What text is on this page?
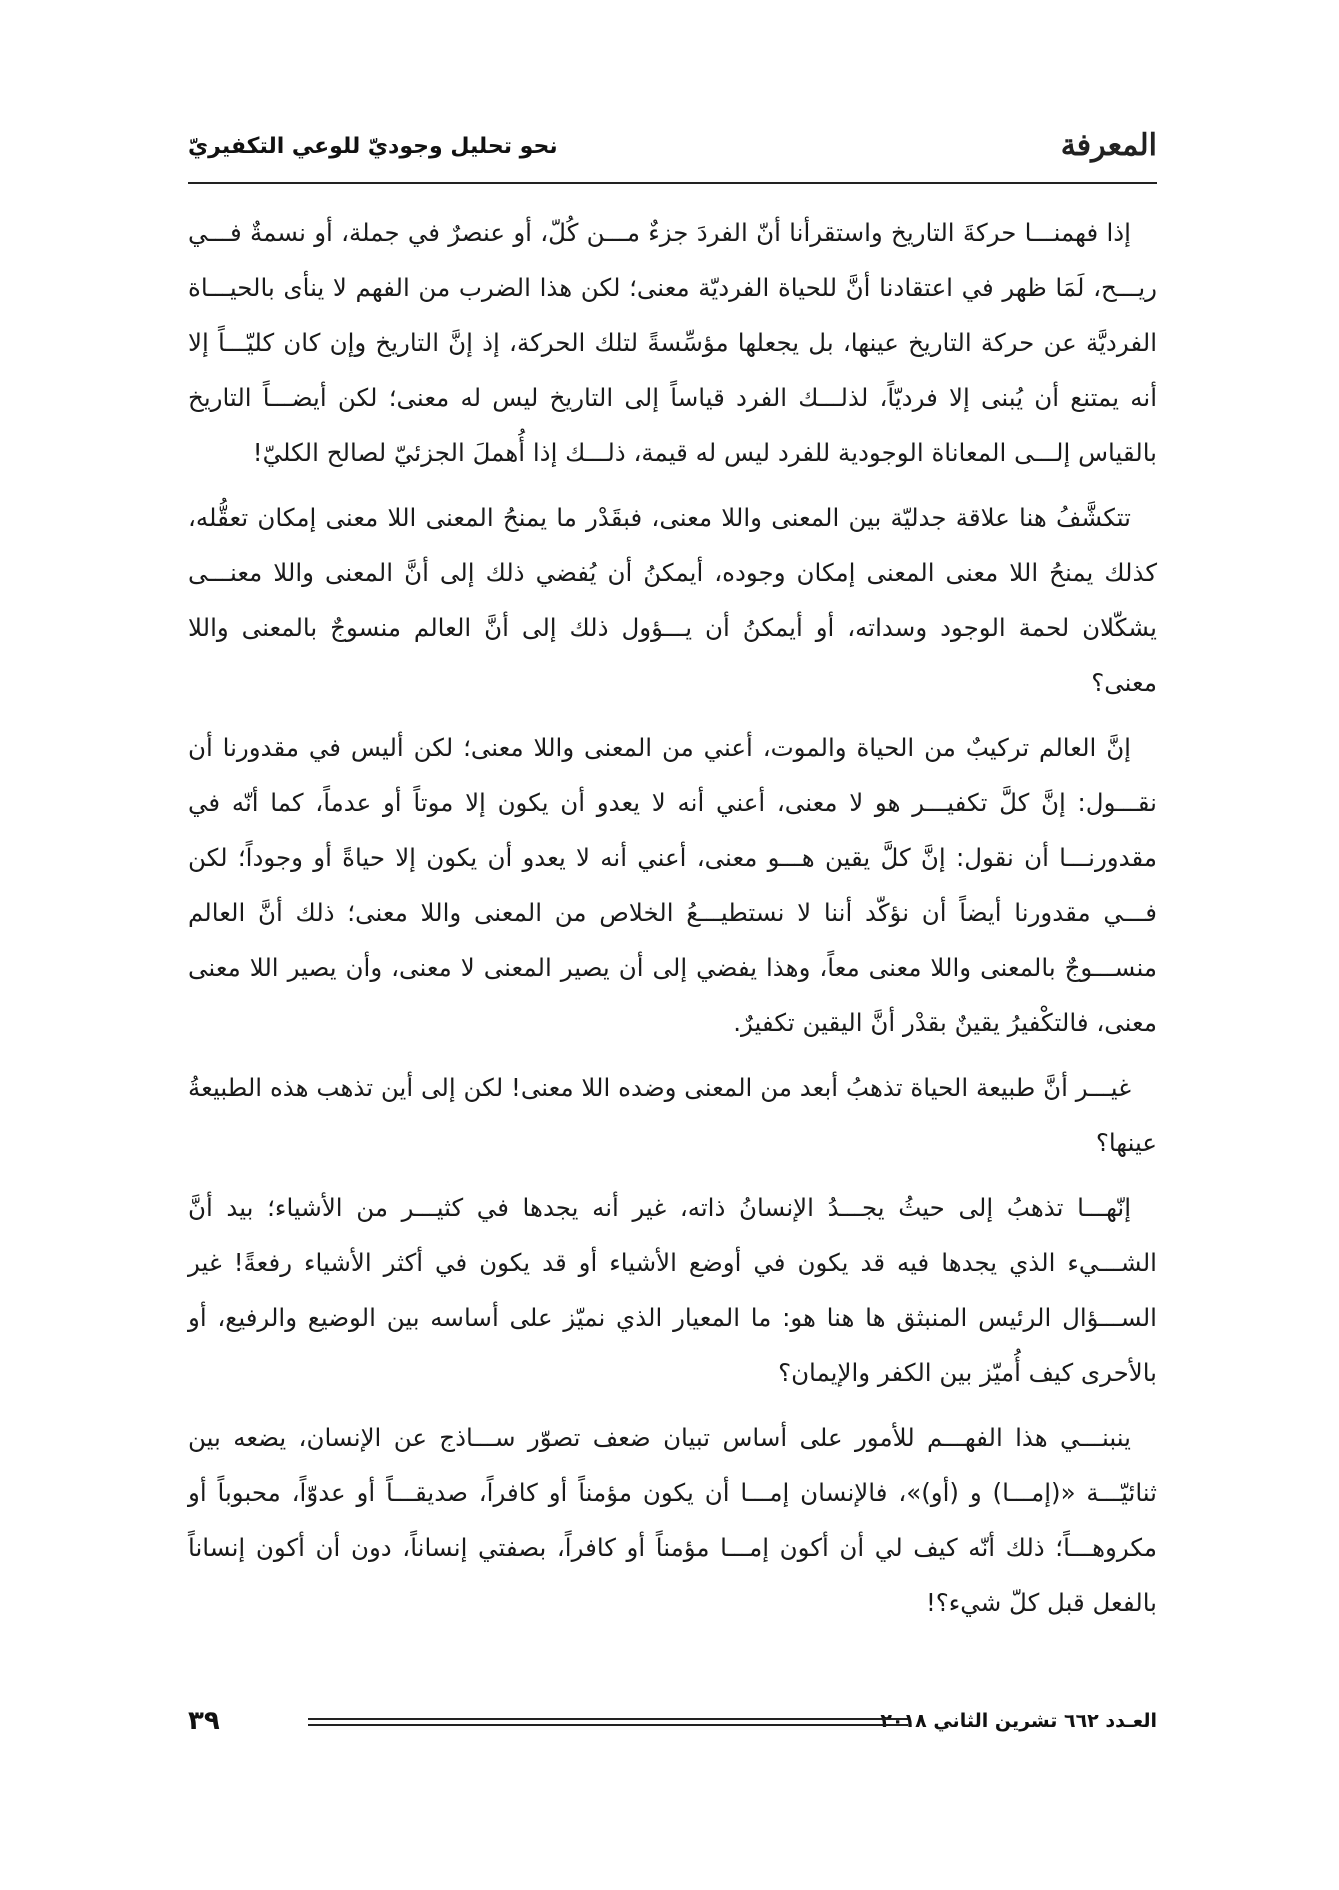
المعرفة
نحو تحليل وجوديّ للوعي التكفيريّ

إذا فهمنـــا حركةَ التاريخ واستقرأنا أنّ الفردَ جزءٌ مـــن كُلّ، أو عنصرٌ في جملة، أو نسمةٌ فـــي ريـــح، لَمَا ظهر في اعتقادنا أنَّ للحياة الفرديّة معنى؛ لكن هذا الضرب من الفهم لا ينأى بالحيـــاة الفرديَّة عن حركة التاريخ عينها، بل يجعلها مؤسِّسةً لتلك الحركة، إذ إنَّ التاريخ وإن كان كليّـــاً إلا أنه يمتنع أن يُبنى إلا فرديّاً، لذلـــك الفرد قياساً إلى التاريخ ليس له معنى؛ لكن أيضـــاً التاريخ بالقياس إلـــى المعاناة الوجودية للفرد ليس له قيمة، ذلـــك إذا أُهملَ الجزئيّ لصالح الكليّ!

تتكشَّفُ هنا علاقة جدليّة بين المعنى واللا معنى، فبقَدْر ما يمنحُ المعنى اللا معنى إمكان تعقُّله، كذلك يمنحُ اللا معنى المعنى إمكان وجوده، أيمكنُ أن يُفضي ذلك إلى أنَّ المعنى واللا معنـــى يشكّلان لحمة الوجود وسداته، أو أيمكنُ أن يـــؤول ذلك إلى أنَّ العالم منسوجٌ بالمعنى واللا معنى؟

إنَّ العالم تركيبٌ من الحياة والموت، أعني من المعنى واللا معنى؛ لكن أليس في مقدورنا أن نقـــول: إنَّ كلَّ تكفيـــر هو لا معنى، أعني أنه لا يعدو أن يكون إلا موتاً أو عدماً، كما أنّه في مقدورنـــا أن نقول: إنَّ كلَّ يقين هـــو معنى، أعني أنه لا يعدو أن يكون إلا حياةً أو وجوداً؛ لكن فـــي مقدورنا أيضاً أن نؤكّد أننا لا نستطيـــعُ الخلاص من المعنى واللا معنى؛ ذلك أنَّ العالم منســـوجٌ بالمعنى واللا معنى معاً، وهذا يفضي إلى أن يصير المعنى لا معنى، وأن يصير اللا معنى معنى، فالتكْفيرُ يقينٌ بقدْر أنَّ اليقين تكفيرٌ.

غيـــر أنَّ طبيعة الحياة تذهبُ أبعد من المعنى وضده اللا معنى! لكن إلى أين تذهب هذه الطبيعةُ عينها؟

إنّهـــا تذهبُ إلى حيثُ يجـــدُ الإنسانُ ذاته، غير أنه يجدها في كثيـــر من الأشياء؛ بيد أنَّ الشـــيء الذي يجدها فيه قد يكون في أوضع الأشياء أو قد يكون في أكثر الأشياء رفعةً! غير الســـؤال الرئيس المنبثق ها هنا هو: ما المعيار الذي نميّز على أساسه بين الوضيع والرفيع، أو بالأحرى كيف أُميّز بين الكفر والإيمان؟

ينبنـــي هذا الفهـــم للأمور على أساس تبيان ضعف تصوّر ســـاذج عن الإنسان، يضعه بين ثنائيّـــة «(إمـــا) و (أو)»، فالإنسان إمـــا أن يكون مؤمناً أو كافراً، صديقـــاً أو عدوّاً، محبوباً أو مكروهـــاً؛ ذلك أنّه كيف لي أن أكون إمـــا مؤمناً أو كافراً، بصفتي إنساناً، دون أن أكون إنساناً بالفعل قبل كلّ شيء؟!

العـدد ٦٦٢ تشرين الثاني ٢٠١٨
٣٩
